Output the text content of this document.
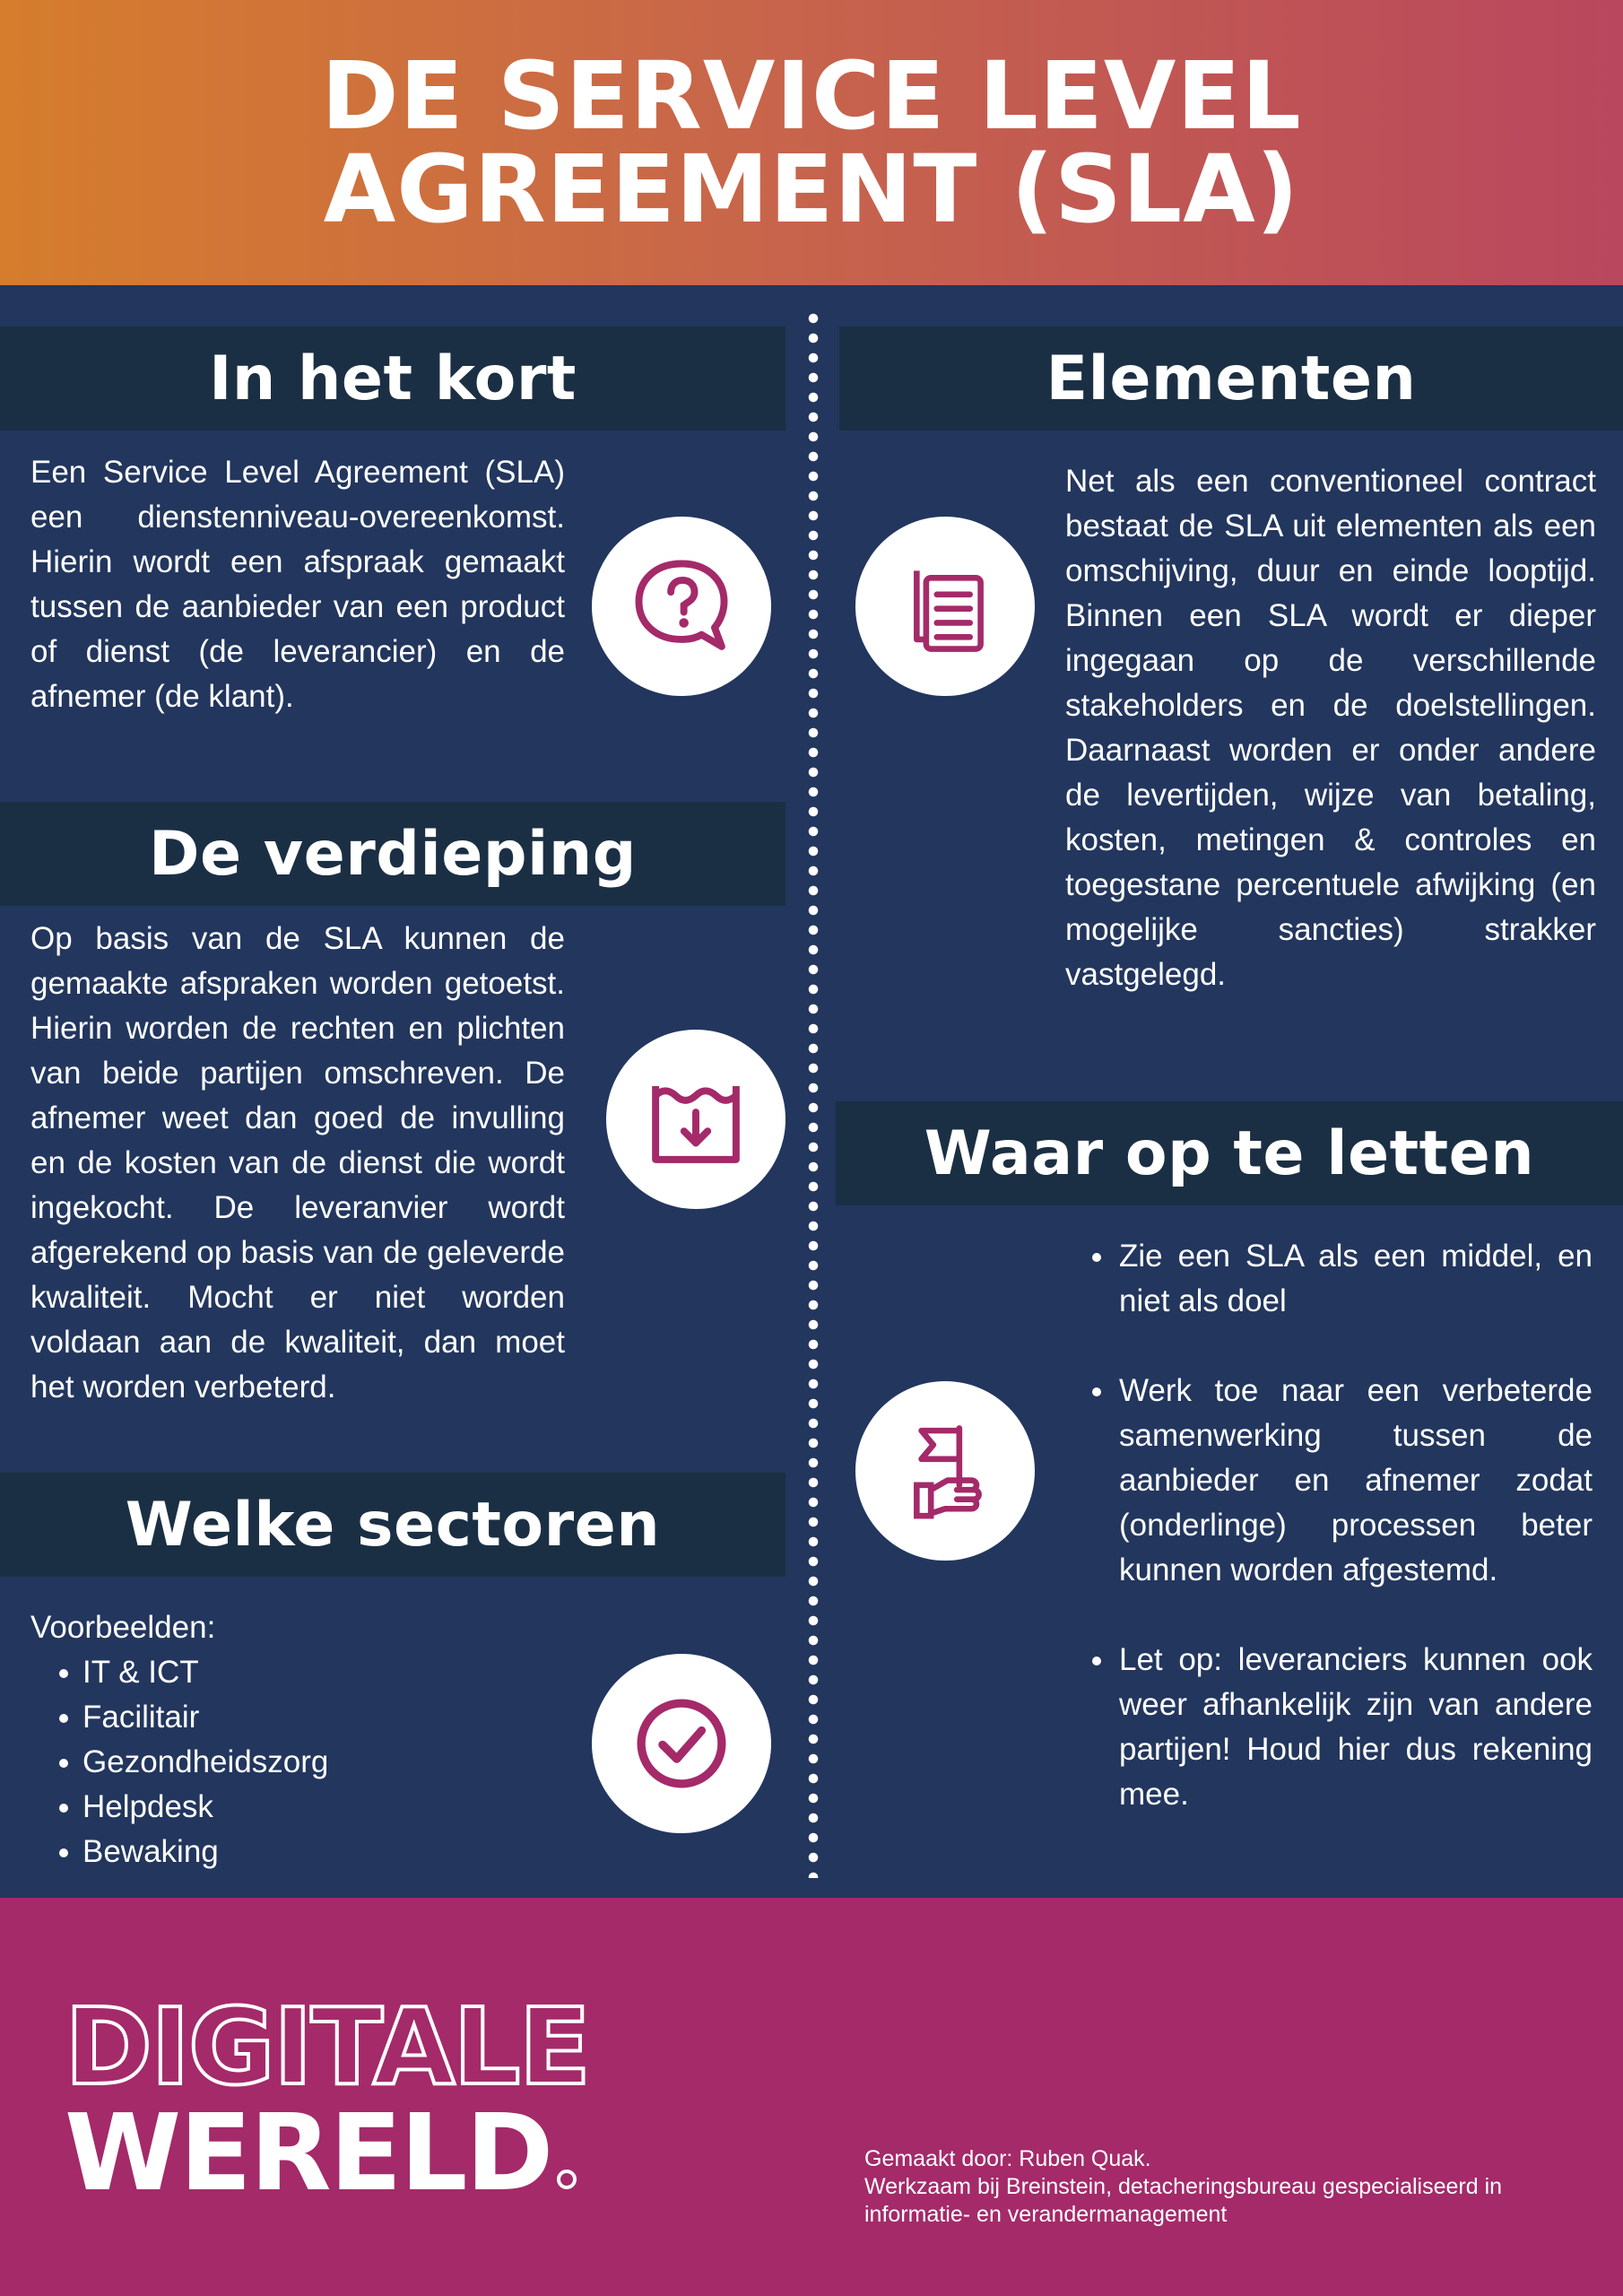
DE SERVICE LEVEL
AGREEMENT (SLA)
In het kort

Een Service Level Agreement (SLA) een dienstenniveau-overeenkomst. Hierin wordt een afspraak gemaakt tussen de aanbieder van een product of dienst (de leverancier) en de afnemer (de klant).

De verdieping

Op basis van de SLA kunnen de gemaakte afspraken worden getoetst. Hierin worden de rechten en plichten van beide partijen omschreven. De afnemer weet dan goed de invulling en de kosten van de dienst die wordt ingekocht. De leveranvier wordt afgerekend op basis van de geleverde kwaliteit. Mocht er niet worden voldaan aan de kwaliteit, dan moet het worden verbeterd.

Welke sectoren
Voorbeelden:
IT & ICT
Facilitair
Gezondheidszorg
Helpdesk
Bewaking
Elementen

Net als een conventioneel contract bestaat de SLA uit elementen als een omschijving, duur en einde looptijd. Binnen een SLA wordt er dieper ingegaan op de verschillende stakeholders en de doelstellingen. Daarnaast worden er onder andere de levertijden, wijze van betaling, kosten, metingen & controles en toegestane percentuele afwijking (en mogelijke sancties) strakker vastgelegd.

Waar op te letten
Zie een SLA als een middel, en niet als doel
Werk toe naar een verbeterde samenwerking tussen de aanbieder en afnemer zodat (onderlinge) processen beter kunnen worden afgestemd.
Let op: leveranciers kunnen ook weer afhankelijk zijn van andere partijen! Houd hier dus rekening mee.
DIGITALE
WERELD	Gemaakt door: Ruben Quak.
Werkzaam bij Breinstein, detacheringsbureau gespecialiseerd in
informatie- en verandermanagement
